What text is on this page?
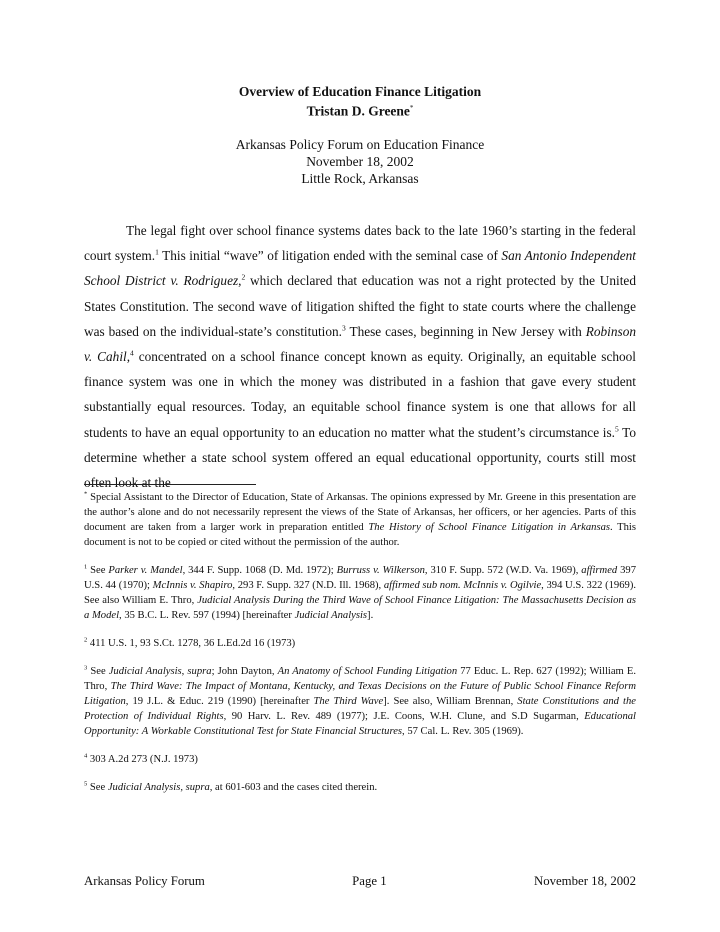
Overview of Education Finance Litigation
Tristan D. Greene*
Arkansas Policy Forum on Education Finance
November 18, 2002
Little Rock, Arkansas

The legal fight over school finance systems dates back to the late 1960’s starting in the federal court system.$^1$ This initial “wave” of litigation ended with the seminal case of San Antonio Independent School District v. Rodriguez,$^2$ which declared that education was not a right protected by the United States Constitution. The second wave of litigation shifted the fight to state courts where the challenge was based on the individual-state’s constitution.$^3$ These cases, beginning in New Jersey with Robinson v. Cahil,$^4$ concentrated on a school finance concept known as equity. Originally, an equitable school finance system was one in which the money was distributed in a fashion that gave every student substantially equal resources. Today, an equitable school finance system is one that allows for all students to have an equal opportunity to an education no matter what the student’s circumstance is.$^5$ To determine whether a state school system offered an equal educational opportunity, courts still most often look at the

* Special Assistant to the Director of Education, State of Arkansas. The opinions expressed by Mr. Greene in this presentation are the author’s alone and do not necessarily represent the views of the State of Arkansas, her officers, or her agencies. Parts of this document are taken from a larger work in preparation entitled The History of School Finance Litigation in Arkansas. This document is not to be copied or cited without the permission of the author.

$^1$ See Parker v. Mandel, 344 F. Supp. 1068 (D. Md. 1972); Burruss v. Wilkerson, 310 F. Supp. 572 (W.D. Va. 1969), affirmed 397 U.S. 44 (1970); McInnis v. Shapiro, 293 F. Supp. 327 (N.D. Ill. 1968), affirmed sub nom. McInnis v. Ogilvie, 394 U.S. 322 (1969). See also William E. Thro, Judicial Analysis During the Third Wave of School Finance Litigation: The Massachusetts Decision as a Model, 35 B.C. L. Rev. 597 (1994) [hereinafter Judicial Analysis].

$^2$ 411 U.S. 1, 93 S.Ct. 1278, 36 L.Ed.2d 16 (1973)

$^3$ See Judicial Analysis, supra; John Dayton, An Anatomy of School Funding Litigation 77 Educ. L. Rep. 627 (1992); William E. Thro, The Third Wave: The Impact of Montana, Kentucky, and Texas Decisions on the Future of Public School Finance Reform Litigation, 19 J.L. & Educ. 219 (1990) [hereinafter The Third Wave]. See also, William Brennan, State Constitutions and the Protection of Individual Rights, 90 Harv. L. Rev. 489 (1977); J.E. Coons, W.H. Clune, and S.D Sugarman, Educational Opportunity: A Workable Constitutional Test for State Financial Structures, 57 Cal. L. Rev. 305 (1969).

$^4$ 303 A.2d 273 (N.J. 1973)

$^5$ See Judicial Analysis, supra, at 601-603 and the cases cited therein.

Arkansas Policy Forum	Page 1	November 18, 2002
